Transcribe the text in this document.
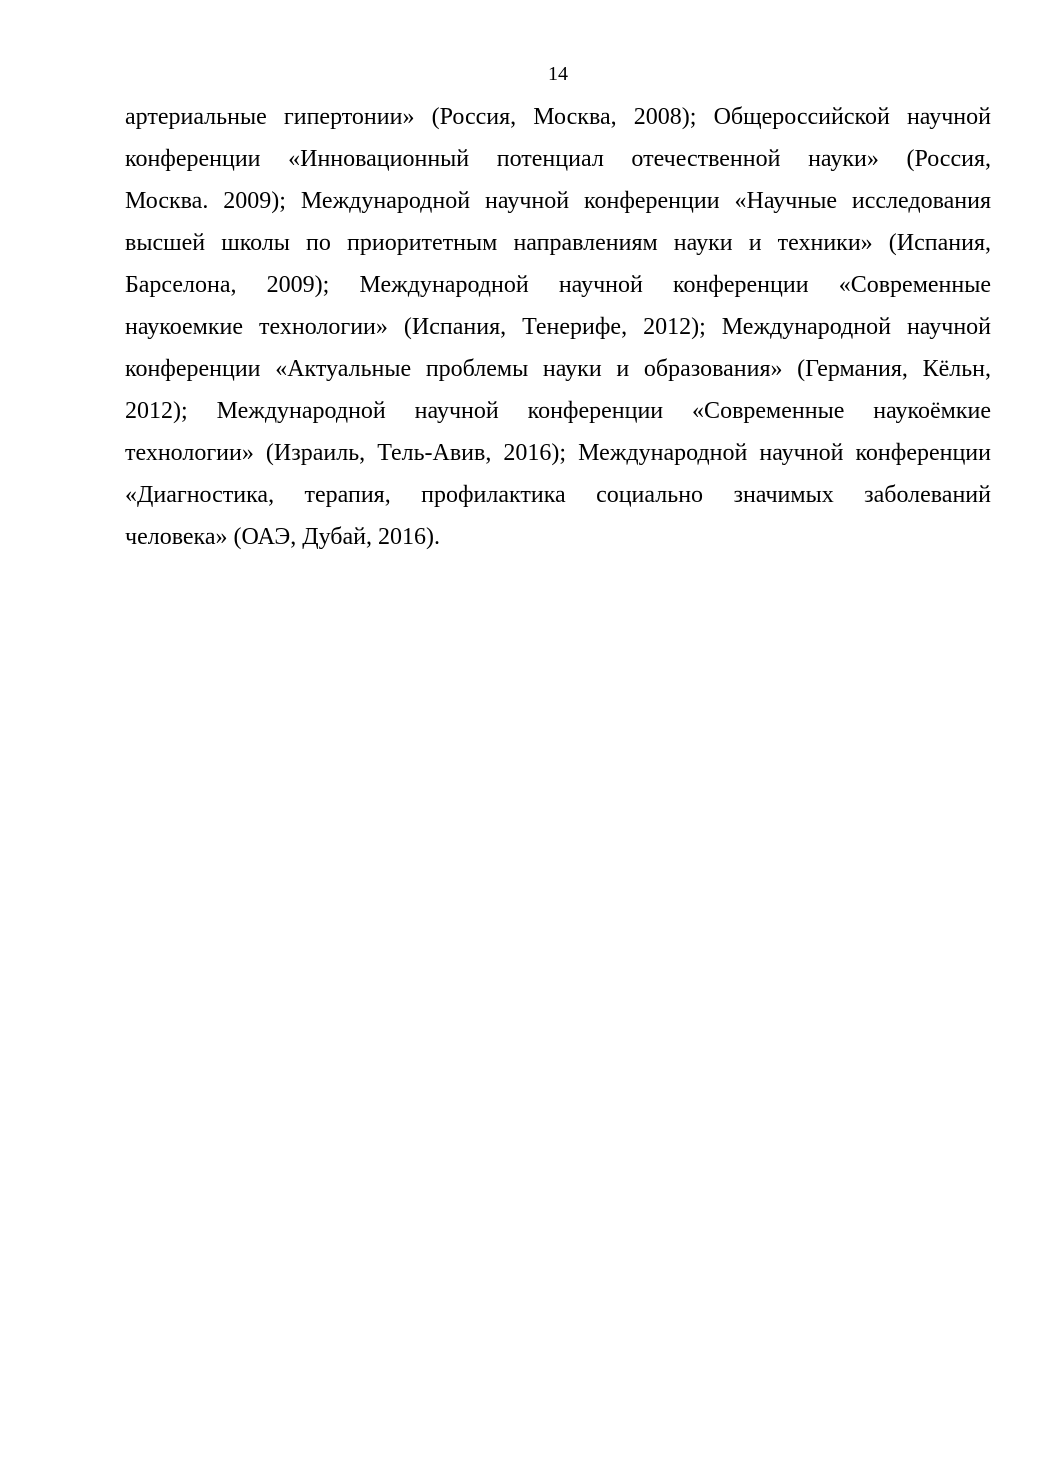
14
артериальные гипертонии» (Россия, Москва, 2008); Общероссийской научной
конференции «Инновационный потенциал отечественной науки» (Россия,
Москва. 2009); Международной научной конференции «Научные исследования
высшей школы по приоритетным направлениям науки и техники» (Испания,
Барселона, 2009); Международной научной конференции «Современные
наукоемкие технологии» (Испания, Тенерифе, 2012); Международной научной
конференции «Актуальные проблемы науки и образования» (Германия, Кёльн,
2012); Международной научной конференции «Современные наукоёмкие
технологии» (Израиль, Тель-Авив, 2016); Международной научной конференции
«Диагностика, терапия, профилактика социально значимых заболеваний
человека» (ОАЭ, Дубай, 2016).
